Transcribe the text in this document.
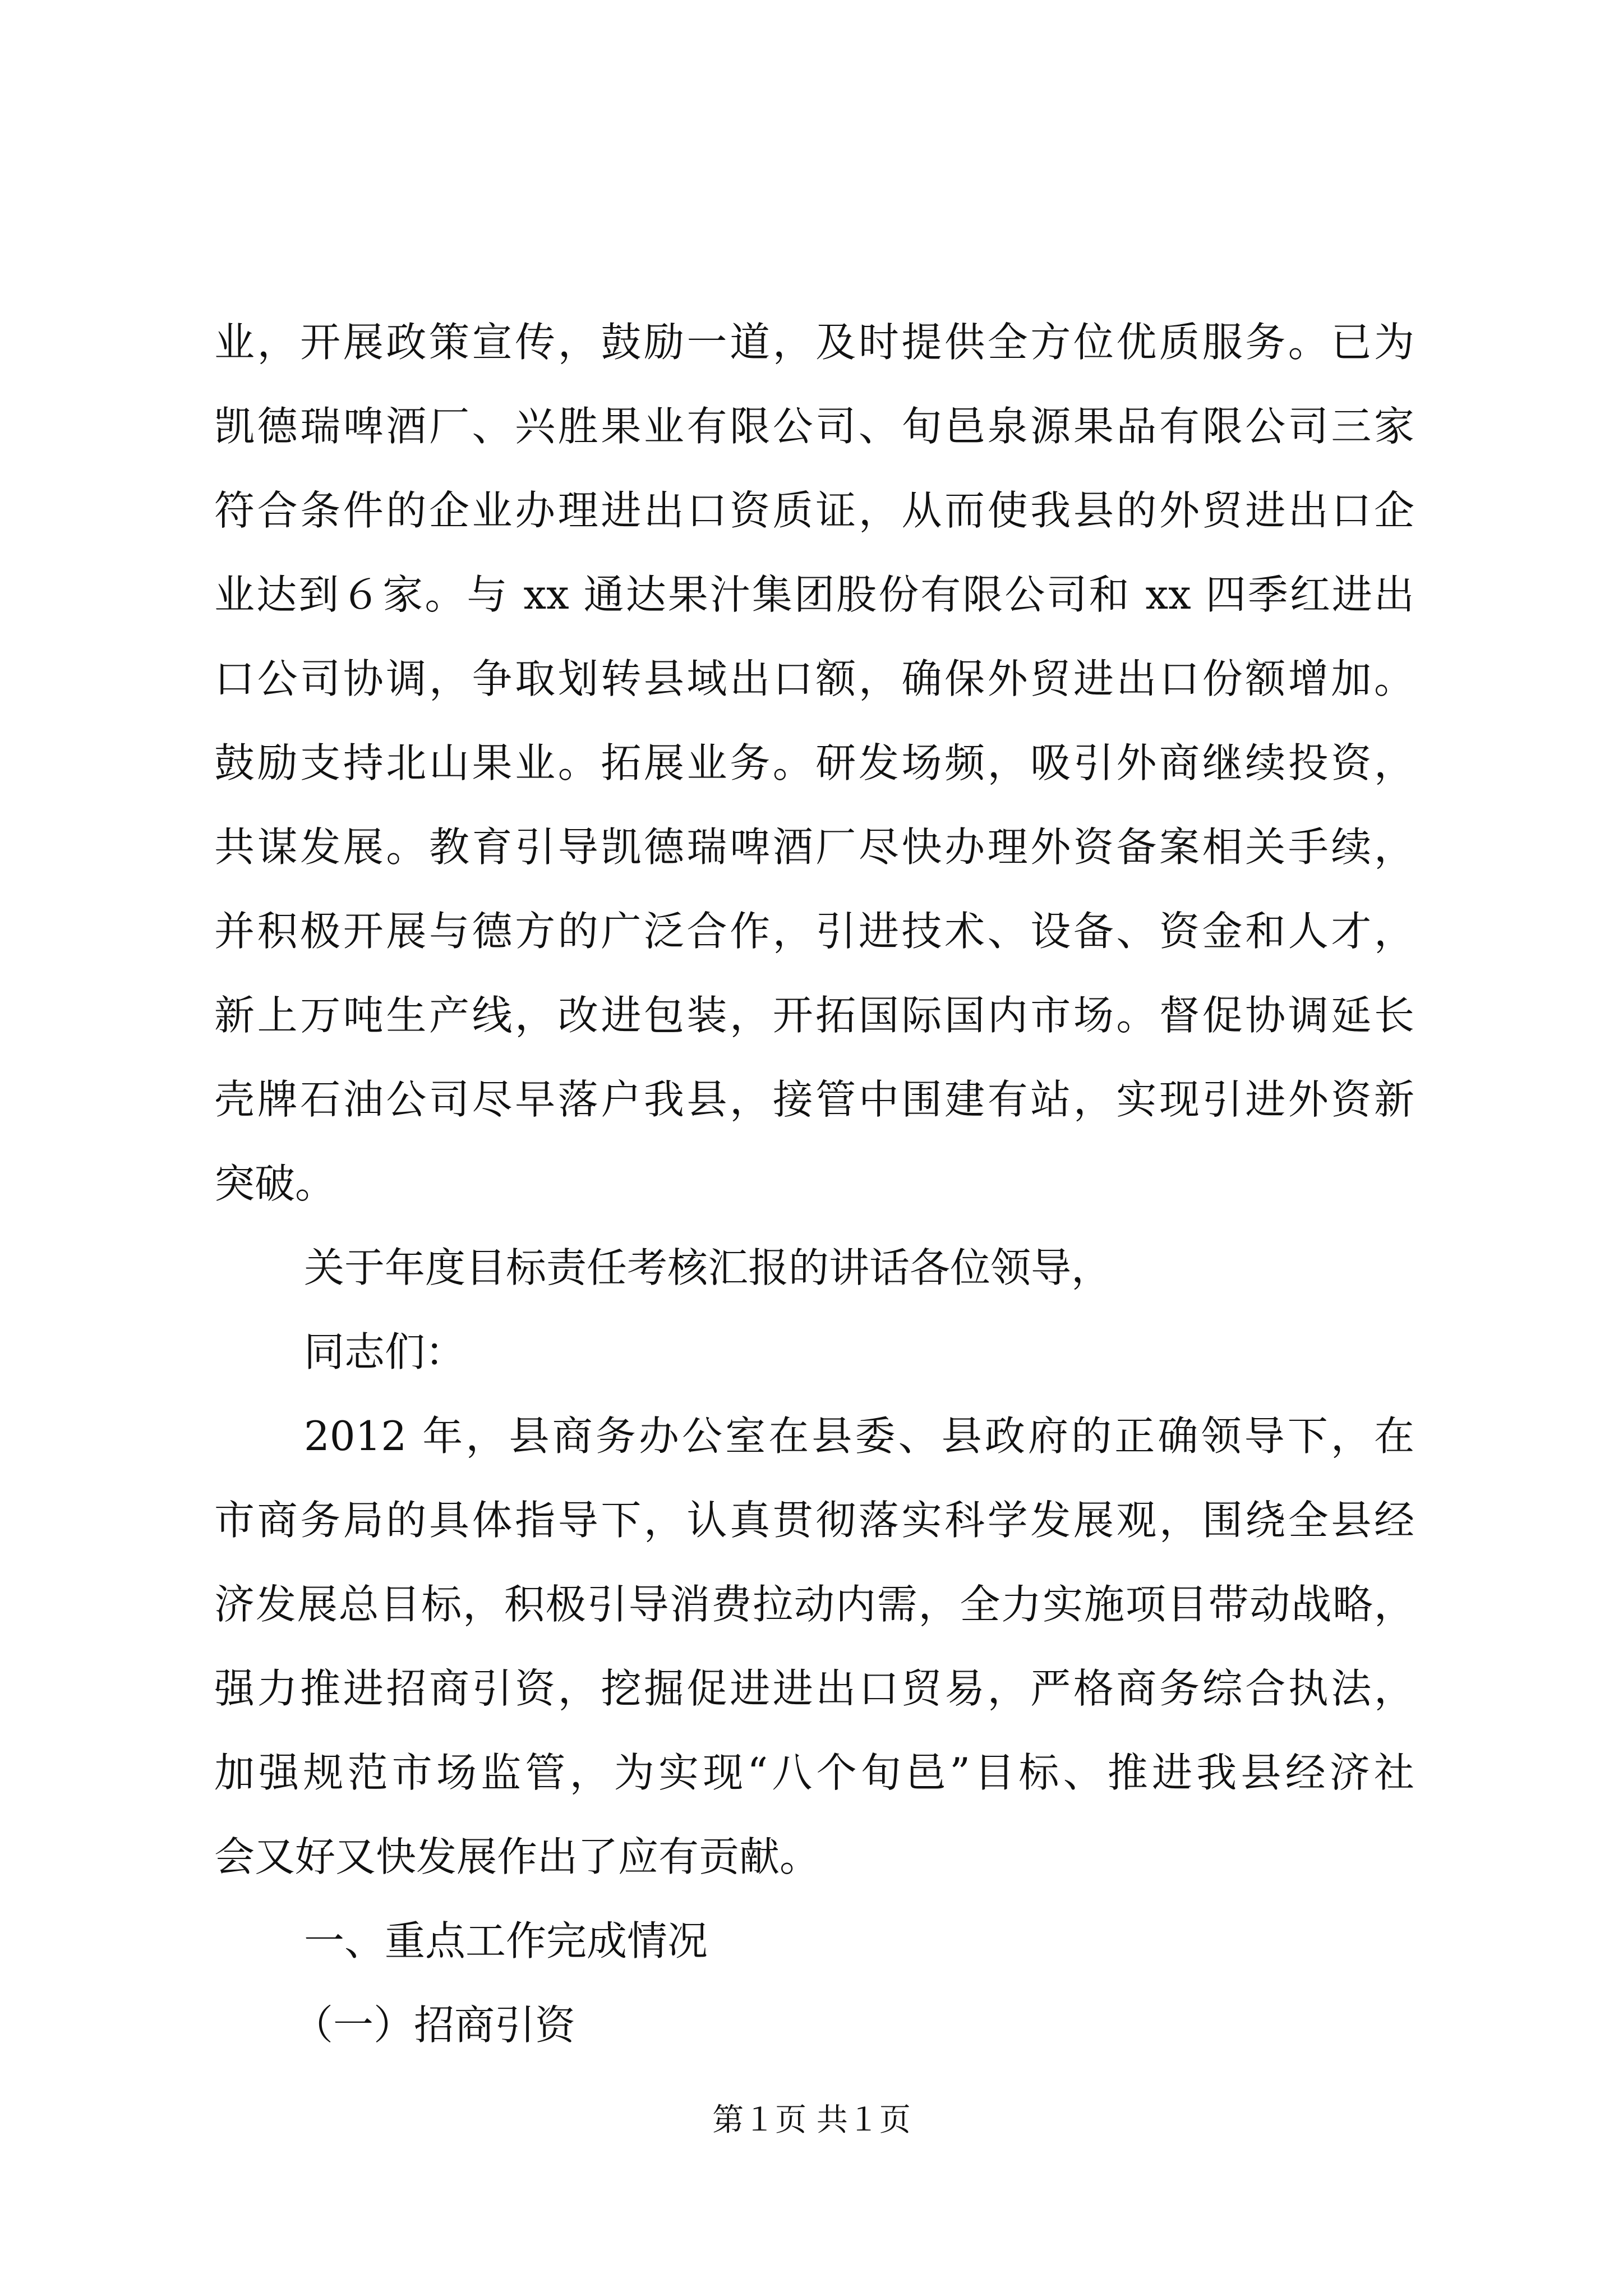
业，开展政策宣传，鼓励一道，及时提供全方位优质服务。已为
凯德瑞啤酒厂、兴胜果业有限公司、旬邑泉源果品有限公司三家
符合条件的企业办理进出口资质证，从而使我县的外贸进出口企
业达到６家。与 xx 通达果汁集团股份有限公司和 xx 四季红进出
口公司协调，争取划转县域出口额，确保外贸进出口份额增加。
鼓励支持北山果业。拓展业务。研发场频，吸引外商继续投资，
共谋发展。教育引导凯德瑞啤酒厂尽快办理外资备案相关手续，
并积极开展与德方的广泛合作，引进技术、设备、资金和人才，
新上万吨生产线，改进包装，开拓国际国内市场。督促协调延长
壳牌石油公司尽早落户我县，接管中围建有站，实现引进外资新
突破。
关于年度目标责任考核汇报的讲话各位领导，
同志们：
2012 年，县商务办公室在县委、县政府的正确领导下，在
市商务局的具体指导下，认真贯彻落实科学发展观，围绕全县经
济发展总目标，积极引导消费拉动内需，全力实施项目带动战略，
强力推进招商引资，挖掘促进进出口贸易，严格商务综合执法，
加强规范市场监管，为实现“八个旬邑”目标、推进我县经济社
会又好又快发展作出了应有贡献。
一、重点工作完成情况
（一）招商引资
第１页 共１页
